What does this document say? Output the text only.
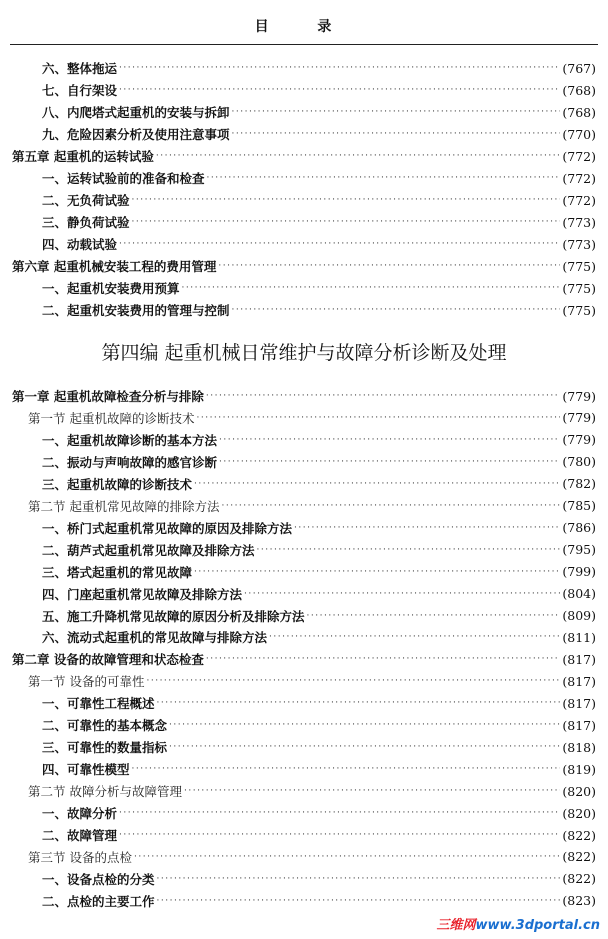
目 录
六、整体拖运 ·····	(767)
七、自行架设 ·····	(768)
八、内爬塔式起重机的安装与拆卸 ·····	(768)
九、危险因素分析及使用注意事项 ·····	(770)
第五章 起重机的运转试验 ·····	(772)
一、运转试验前的准备和检查 ·····	(772)
二、无负荷试验 ·····	(772)
三、静负荷试验 ·····	(773)
四、动载试验 ·····	(773)
第六章 起重机械安装工程的费用管理 ·····	(775)
一、起重机安装费用预算 ·····	(775)
二、起重机安装费用的管理与控制 ·····	(775)
第四编 起重机械日常维护与故障分析诊断及处理
第一章 起重机故障检查分析与排除 ·····	(779)
第一节 起重机故障的诊断技术 ·····	(779)
一、起重机故障诊断的基本方法 ·····	(779)
二、振动与声响故障的感官诊断 ·····	(780)
三、起重机故障的诊断技术 ·····	(782)
第二节 起重机常见故障的排除方法 ·····	(785)
一、桥门式起重机常见故障的原因及排除方法 ·····	(786)
二、葫芦式起重机常见故障及排除方法 ·····	(795)
三、塔式起重机的常见故障 ·····	(799)
四、门座起重机常见故障及排除方法 ·····	(804)
五、施工升降机常见故障的原因分析及排除方法 ·····	(809)
六、流动式起重机的常见故障与排除方法 ·····	(811)
第二章 设备的故障管理和状态检查 ·····	(817)
第一节 设备的可靠性 ·····	(817)
一、可靠性工程概述 ·····	(817)
二、可靠性的基本概念 ·····	(817)
三、可靠性的数量指标 ·····	(818)
四、可靠性模型 ·····	(819)
第二节 故障分析与故障管理 ·····	(820)
一、故障分析 ·····	(820)
二、故障管理 ·····	(822)
第三节 设备的点检 ·····	(822)
一、设备点检的分类 ·····	(822)
二、点检的主要工作 ·····	(823)
三维网www.3dportal.cn
